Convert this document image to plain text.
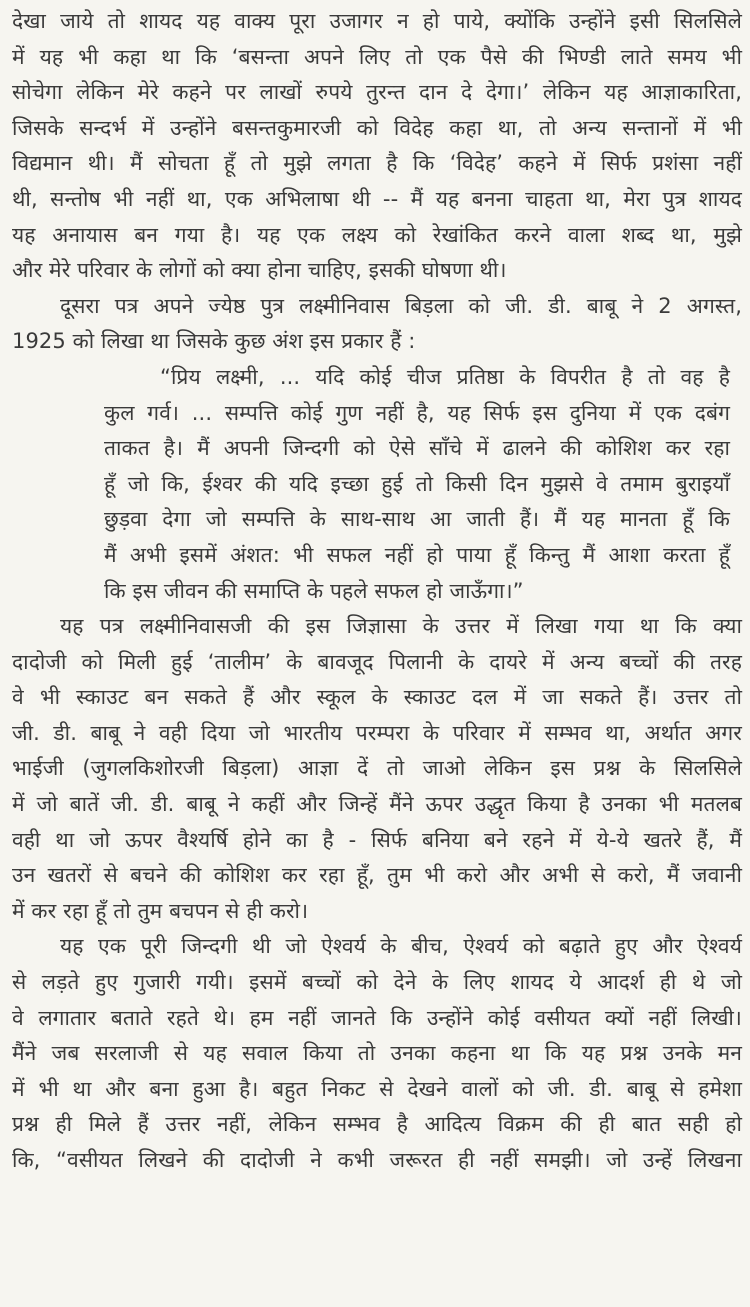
देखा जाये तो शायद यह वाक्य पूरा उजागर न हो पाये, क्योंकि उन्होंने इसी सिलसिले
में यह भी कहा था कि ‘बसन्ता अपने लिए तो एक पैसे की भिण्डी लाते समय भी
सोचेगा लेकिन मेरे कहने पर लाखों रुपये तुरन्त दान दे देगा।’ लेकिन यह आज्ञाकारिता,
जिसके सन्दर्भ में उन्होंने बसन्तकुमारजी को विदेह कहा था, तो अन्य सन्तानों में भी
विद्यमान थी। मैं सोचता हूँ तो मुझे लगता है कि ‘विदेह’ कहने में सिर्फ प्रशंसा नहीं
थी, सन्तोष भी नहीं था, एक अभिलाषा थी -- मैं यह बनना चाहता था, मेरा पुत्र शायद
यह अनायास बन गया है। यह एक लक्ष्य को रेखांकित करने वाला शब्द था, मुझे
और मेरे परिवार के लोगों को क्या होना चाहिए, इसकी घोषणा थी।
दूसरा पत्र अपने ज्येष्ठ पुत्र लक्ष्मीनिवास बिड़ला को जी. डी. बाबू ने 2 अगस्त,
1925 को लिखा था जिसके कुछ अंश इस प्रकार हैं :
“प्रिय लक्ष्मी, ... यदि कोई चीज प्रतिष्ठा के विपरीत है तो वह है
कुल गर्व। ... सम्पत्ति कोई गुण नहीं है, यह सिर्फ इस दुनिया में एक दबंग
ताकत है। मैं अपनी जिन्दगी को ऐसे साँचे में ढालने की कोशिश कर रहा
हूँ जो कि, ईश्वर की यदि इच्छा हुई तो किसी दिन मुझसे वे तमाम बुराइयाँ
छुड़वा देगा जो सम्पत्ति के साथ-साथ आ जाती हैं। मैं यह मानता हूँ कि
मैं अभी इसमें अंशत: भी सफल नहीं हो पाया हूँ किन्तु मैं आशा करता हूँ
कि इस जीवन की समाप्ति के पहले सफल हो जाऊँगा।”
यह पत्र लक्ष्मीनिवासजी की इस जिज्ञासा के उत्तर में लिखा गया था कि क्या
दादोजी को मिली हुई ‘तालीम’ के बावजूद पिलानी के दायरे में अन्य बच्चों की तरह
वे भी स्काउट बन सकते हैं और स्कूल के स्काउट दल में जा सकते हैं। उत्तर तो
जी. डी. बाबू ने वही दिया जो भारतीय परम्परा के परिवार में सम्भव था, अर्थात अगर
भाईजी (जुगलकिशोरजी बिड़ला) आज्ञा दें तो जाओ लेकिन इस प्रश्न के सिलसिले
में जो बातें जी. डी. बाबू ने कहीं और जिन्हें मैंने ऊपर उद्धृत किया है उनका भी मतलब
वही था जो ऊपर वैश्यर्षि होने का है - सिर्फ बनिया बने रहने में ये-ये खतरे हैं, मैं
उन खतरों से बचने की कोशिश कर रहा हूँ, तुम भी करो और अभी से करो, मैं जवानी
में कर रहा हूँ तो तुम बचपन से ही करो।
यह एक पूरी जिन्दगी थी जो ऐश्वर्य के बीच, ऐश्वर्य को बढ़ाते हुए और ऐश्वर्य
से लड़ते हुए गुजारी गयी। इसमें बच्चों को देने के लिए शायद ये आदर्श ही थे जो
वे लगातार बताते रहते थे। हम नहीं जानते कि उन्होंने कोई वसीयत क्यों नहीं लिखी।
मैंने जब सरलाजी से यह सवाल किया तो उनका कहना था कि यह प्रश्न उनके मन
में भी था और बना हुआ है। बहुत निकट से देखने वालों को जी. डी. बाबू से हमेशा
प्रश्न ही मिले हैं उत्तर नहीं, लेकिन सम्भव है आदित्य विक्रम की ही बात सही हो
कि, “वसीयत लिखने की दादोजी ने कभी जरूरत ही नहीं समझी। जो उन्हें लिखना
